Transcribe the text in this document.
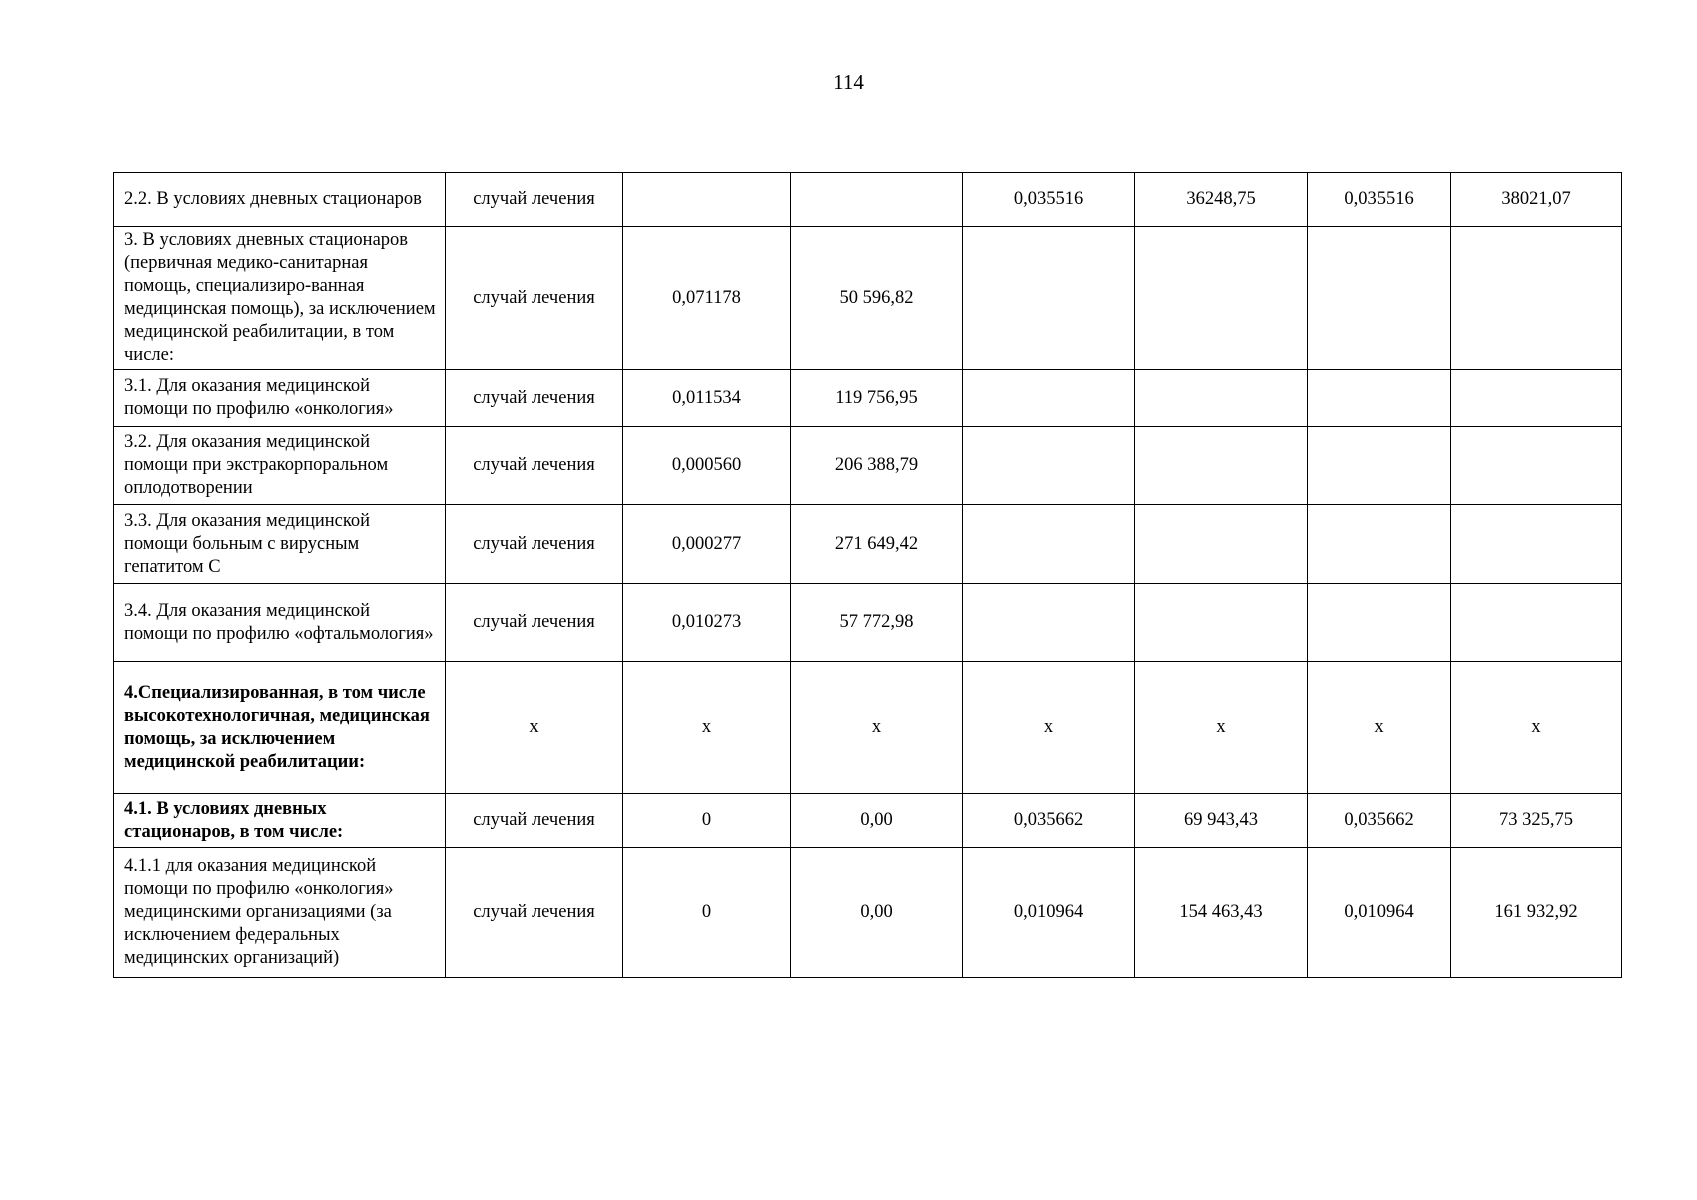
114
2.2. В условиях дневных стационаров	случай лечения			0,035516	36248,75	0,035516	38021,07
3. В условиях дневных стационаров (первичная медико-санитарная помощь, специализиро-ванная медицинская помощь), за исключением медицинской реабилитации, в том числе:	случай лечения	0,071178	50 596,82				
3.1. Для оказания медицинской помощи по профилю «онкология»	случай лечения	0,011534	119 756,95				
3.2. Для оказания медицинской помощи при экстракорпоральном оплодотворении	случай лечения	0,000560	206 388,79				
3.3. Для оказания медицинской помощи больным с вирусным гепатитом С	случай лечения	0,000277	271 649,42				
3.4. Для оказания медицинской помощи по профилю «офтальмология»	случай лечения	0,010273	57 772,98				
4.Специализированная, в том числе высокотехнологичная, медицинская помощь, за исключением медицинской реабилитации:	х	х	х	х	х	х	х
4.1. В условиях дневных стационаров, в том числе:	случай лечения	0	0,00	0,035662	69 943,43	0,035662	73 325,75
4.1.1 для оказания медицинской помощи по профилю «онкология» медицинскими организациями (за исключением федеральных медицинских организаций)	случай лечения	0	0,00	0,010964	154 463,43	0,010964	161 932,92
